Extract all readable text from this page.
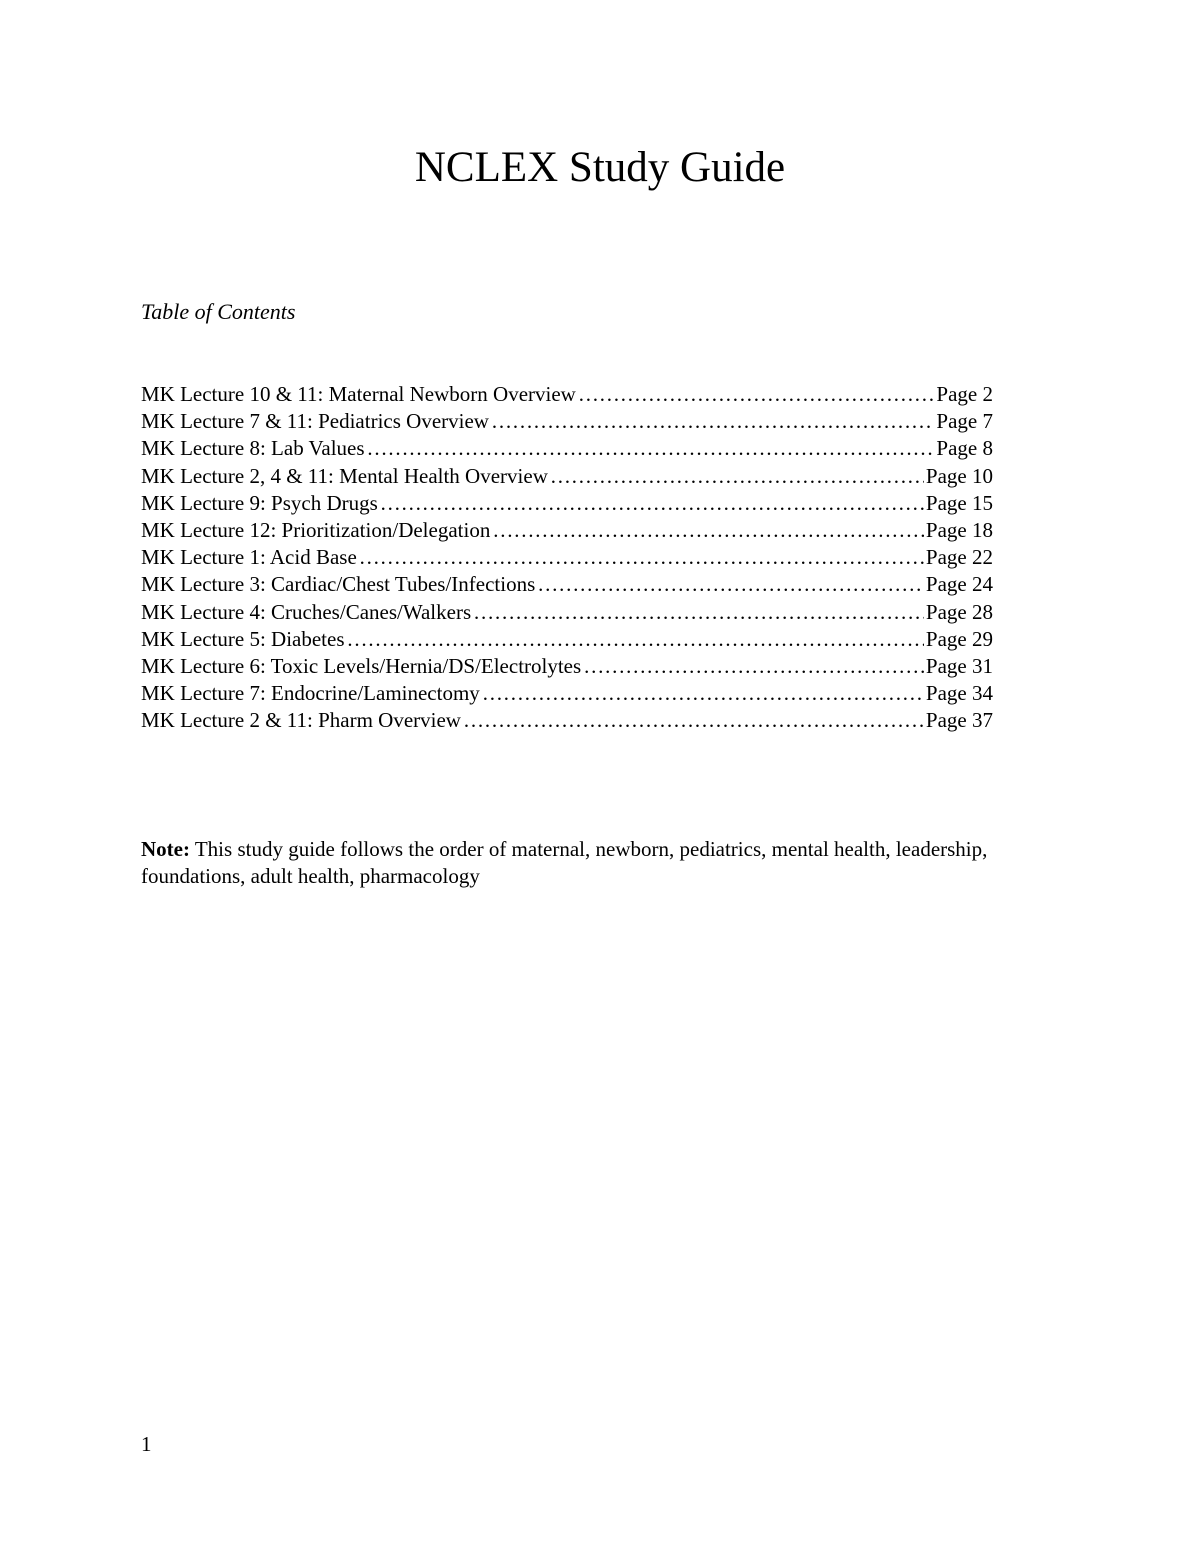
NCLEX Study Guide
Table of Contents
MK Lecture 10 & 11: Maternal Newborn Overview …………………………………………………………………………………………………………………………………………………………………………………………………………	Page 2
MK Lecture 7 & 11: Pediatrics Overview …………………………………………………………………………………………………………………………………………………………………………………………………………	Page 7
MK Lecture 8: Lab Values …………………………………………………………………………………………………………………………………………………………………………………………………………	Page 8
MK Lecture 2, 4 & 11: Mental Health Overview …………………………………………………………………………………………………………………………………………………………………………………………………………	Page 10
MK Lecture 9: Psych Drugs …………………………………………………………………………………………………………………………………………………………………………………………………………	Page 15
MK Lecture 12: Prioritization/Delegation …………………………………………………………………………………………………………………………………………………………………………………………………………	Page 18
MK Lecture 1: Acid Base …………………………………………………………………………………………………………………………………………………………………………………………………………	Page 22
MK Lecture 3: Cardiac/Chest Tubes/Infections …………………………………………………………………………………………………………………………………………………………………………………………………………	Page 24
MK Lecture 4: Cruches/Canes/Walkers …………………………………………………………………………………………………………………………………………………………………………………………………………	Page 28
MK Lecture 5: Diabetes …………………………………………………………………………………………………………………………………………………………………………………………………………	Page 29
MK Lecture 6: Toxic Levels/Hernia/DS/Electrolytes …………………………………………………………………………………………………………………………………………………………………………………………………………	Page 31
MK Lecture 7: Endocrine/Laminectomy …………………………………………………………………………………………………………………………………………………………………………………………………………	Page 34
MK Lecture 2 & 11: Pharm Overview …………………………………………………………………………………………………………………………………………………………………………………………………………	Page 37

Note: This study guide follows the order of maternal, newborn, pediatrics, mental health, leadership, foundations, adult health, pharmacology

1
